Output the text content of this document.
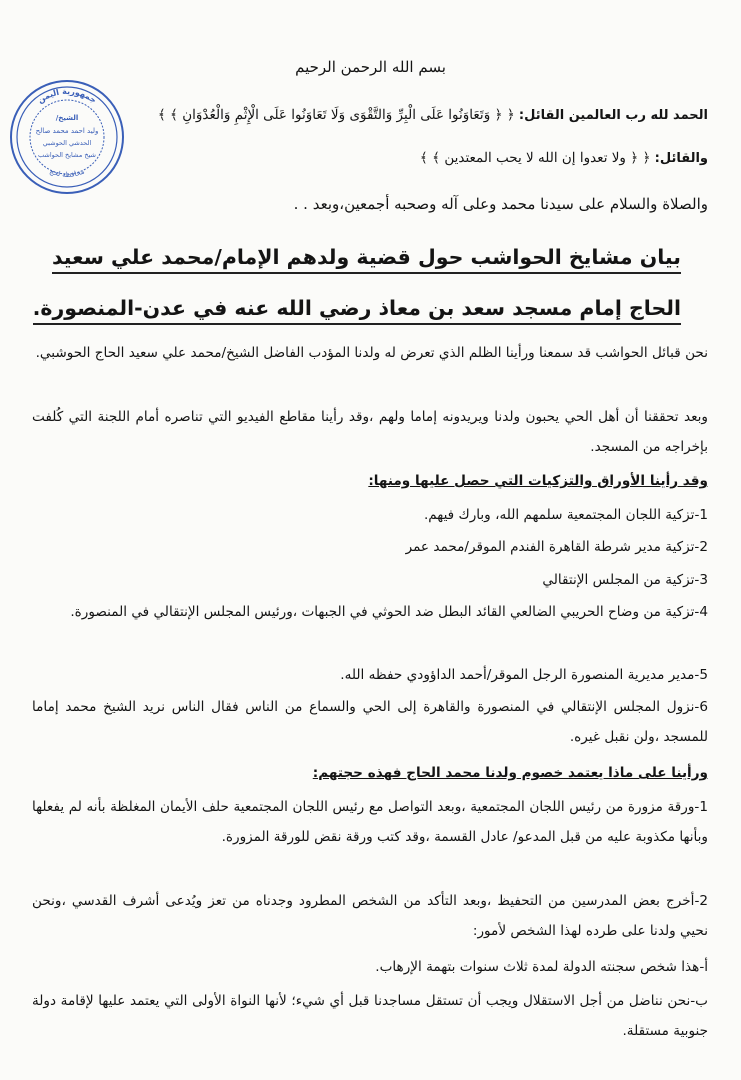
بسم الله الرحمن الرحيم
الحمد لله رب العالمين القائل: ﴿ ﴿ وَتَعَاوَنُوا عَلَى الْبِرِّ وَالتَّقْوَى وَلَا تَعَاوَنُوا عَلَى الْإِثْمِ وَالْعُدْوَانِ ﴾ ﴾
والقائل: ﴿ ﴿ ولا تعدوا إن الله لا يحب المعتدين ﴾ ﴾
والصلاة والسلام على سيدنا محمد وعلى آله وصحبه أجمعين،وبعد . .
جمهورية اليمن
محافظة لحج
الشيخ/
وليد احمد محمد صالح
الحدشي الحوشبي
شيخ مشايخ الحواشب
بيان مشايخ الحواشب حول قضية ولدهم الإمام/محمد علي سعيد
الحاج إمام مسجد سعد بن معاذ رضي الله عنه في عدن-المنصورة.
نحن قبائل الحواشب قد سمعنا ورأينا الظلم الذي تعرض له ولدنا المؤدب الفاضل الشيخ/محمد علي سعيد الحاج الحوشبي.
وبعد تحققنا أن أهل الحي يحبون ولدنا ويريدونه إماما ولهم ،وقد رأينا مقاطع الفيديو التي تناصره أمام اللجنة التي كُلفت بإخراجه من المسجد.
وقد رأينا الأوراق والتزكيات التي حصل عليها ومنها:
1-تزكية اللجان المجتمعية سلمهم الله، وبارك فيهم.
2-تزكية مدير شرطة القاهرة الفندم الموقر/محمد عمر
3-تزكية من المجلس الإنتقالي
4-تزكية من وضاح الحريبي الضالعي القائد البطل ضد الحوثي في الجبهات ،ورئيس المجلس الإنتقالي في المنصورة.
5-مدير مديرية المنصورة الرجل الموقر/أحمد الداؤودي حفظه الله.
6-نزول المجلس الإنتقالي في المنصورة والقاهرة إلى الحي والسماع من الناس فقال الناس نريد الشيخ محمد إماما للمسجد ،ولن نقبل غيره.
ورأينا على ماذا يعتمد خصوم ولدنا محمد الحاج فهذه حجتهم:
1-ورقة مزورة من رئيس اللجان المجتمعية ،وبعد التواصل مع رئيس اللجان المجتمعية حلف الأيمان المغلظة بأنه لم يفعلها وبأنها مكذوبة عليه من قبل المدعو/ عادل القسمة ،وقد كتب ورقة نقض للورقة المزورة.
2-أخرج بعض المدرسين من التحفيظ ،وبعد التأكد من الشخص المطرود وجدناه من تعز ويُدعى أشرف القدسي ،ونحن نحيي ولدنا على طرده لهذا الشخص لأمور:
أ-هذا شخص سجنته الدولة لمدة ثلاث سنوات بتهمة الإرهاب.
ب-نحن نناضل من أجل الاستقلال ويجب أن تستقل مساجدنا قبل أي شيء؛ لأنها النواة الأولى التي يعتمد عليها لإقامة دولة جنوبية مستقلة.
